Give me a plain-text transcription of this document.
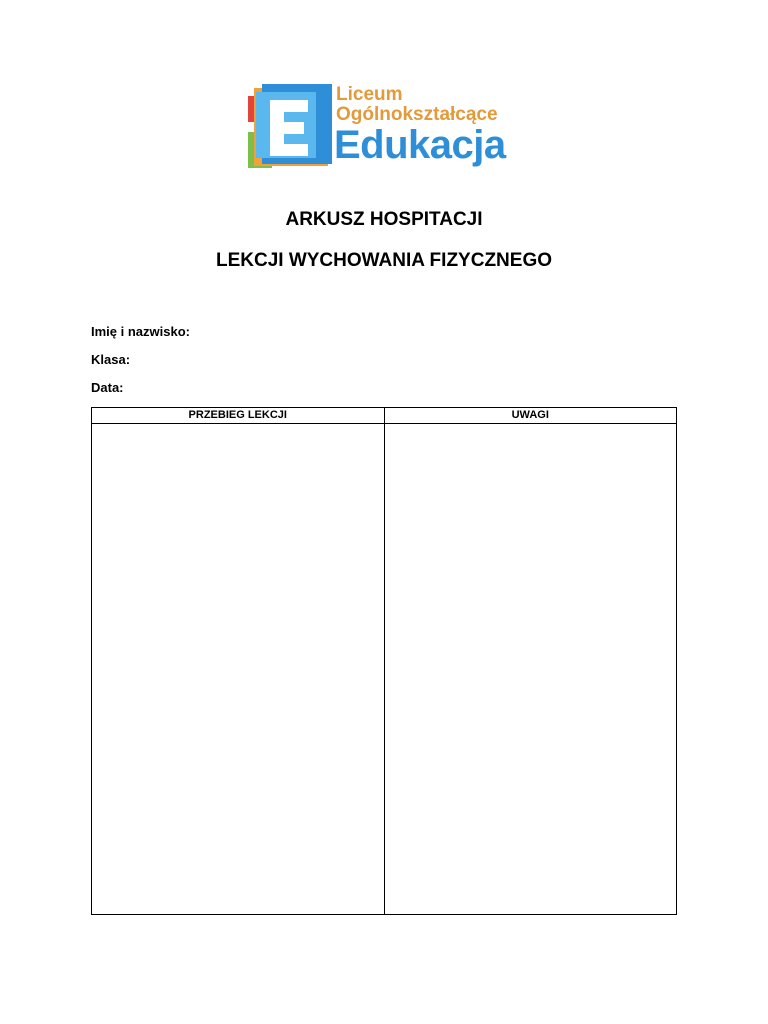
Liceum
Ogólnokształcące
Edukacja
ARKUSZ HOSPITACJI
LEKCJI WYCHOWANIA FIZYCZNEGO
Imię i nazwisko:
Klasa:
Data:
PRZEBIEG LEKCJI	UWAGI
